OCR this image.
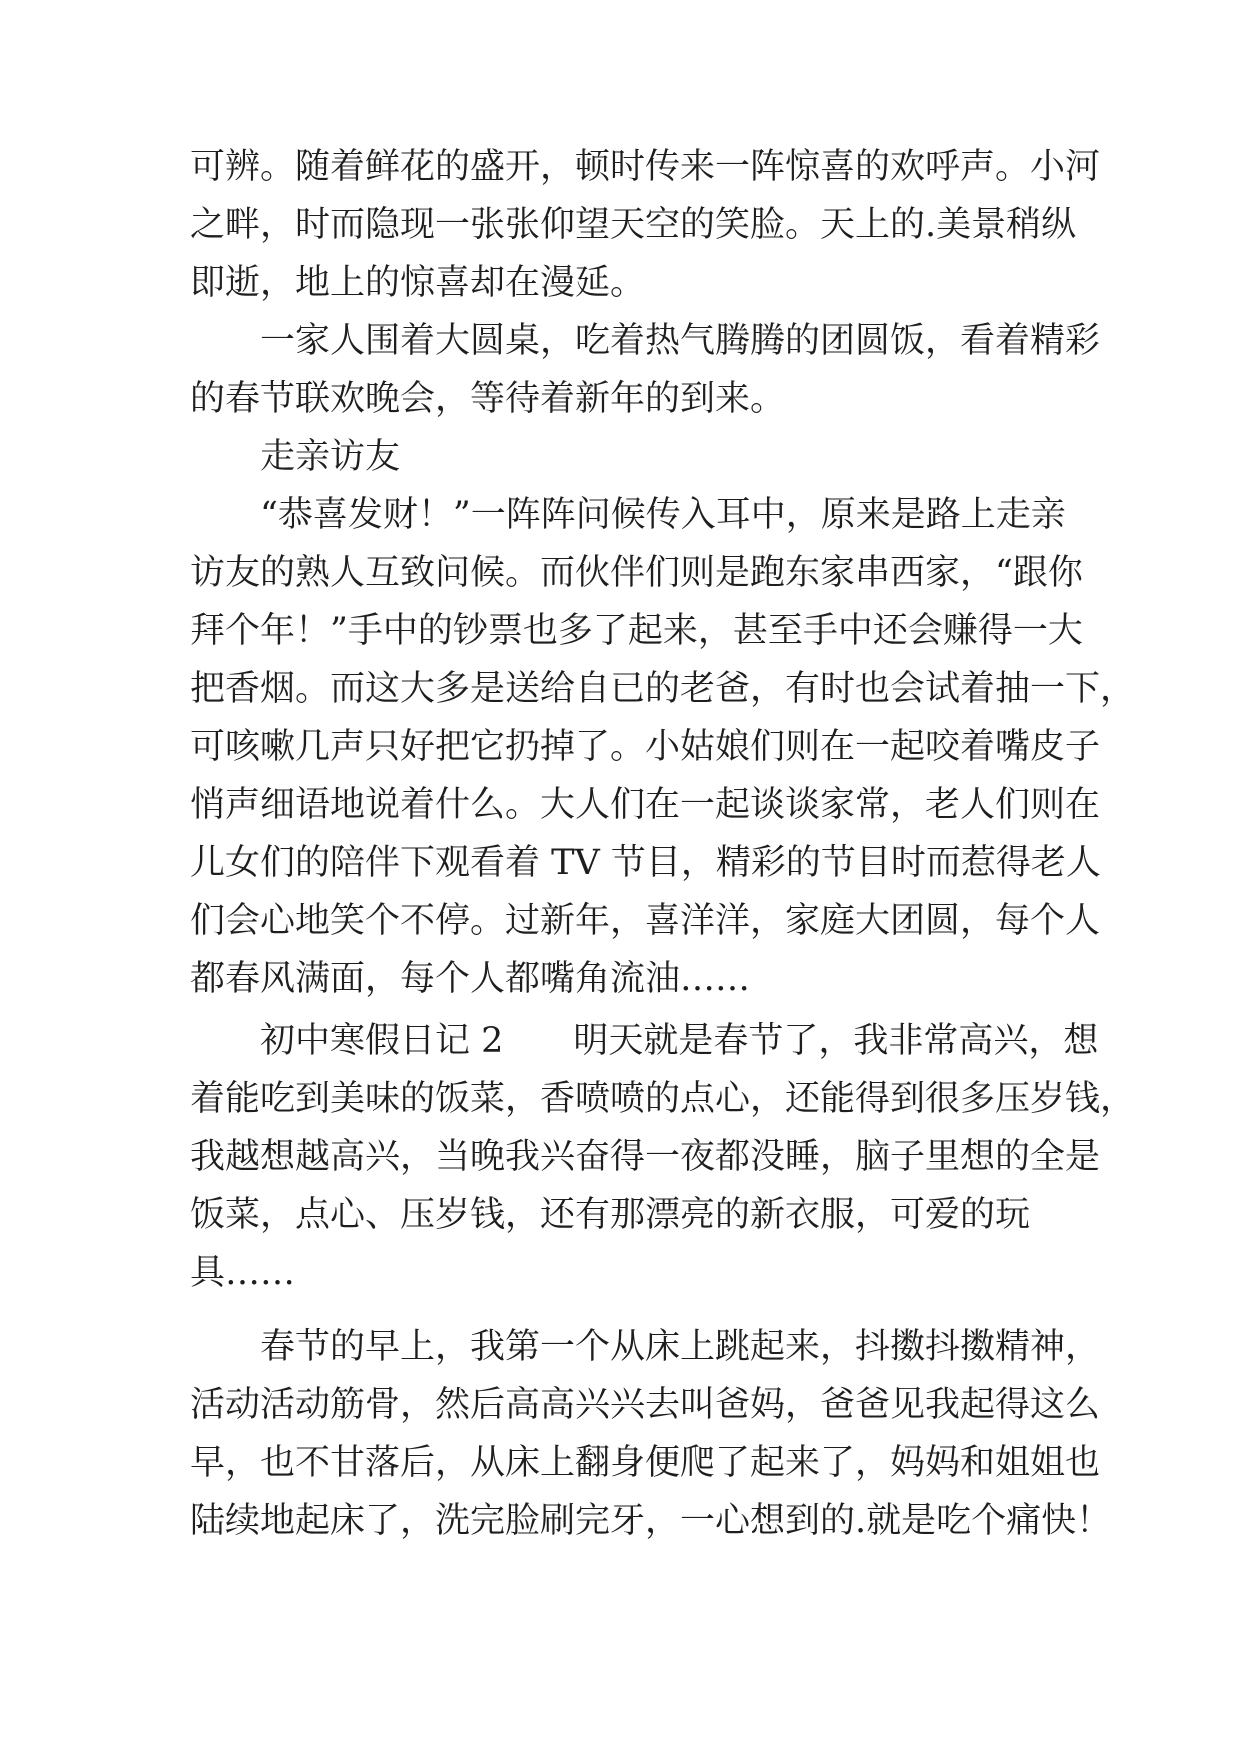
可辨。随着鲜花的盛开，顿时传来一阵惊喜的欢呼声。小河
之畔，时而隐现一张张仰望天空的笑脸。天上的.美景稍纵
即逝，地上的惊喜却在漫延。
一家人围着大圆桌，吃着热气腾腾的团圆饭，看着精彩
的春节联欢晚会，等待着新年的到来。
走亲访友
“恭喜发财！”一阵阵问候传入耳中，原来是路上走亲
访友的熟人互致问候。而伙伴们则是跑东家串西家，“跟你
拜个年！”手中的钞票也多了起来，甚至手中还会赚得一大
把香烟。而这大多是送给自已的老爸，有时也会试着抽一下，
可咳嗽几声只好把它扔掉了。小姑娘们则在一起咬着嘴皮子
悄声细语地说着什么。大人们在一起谈谈家常，老人们则在
儿女们的陪伴下观看着 TV 节目，精彩的节目时而惹得老人
们会心地笑个不停。过新年，喜洋洋，家庭大团圆，每个人
都春风满面，每个人都嘴角流油……
初中寒假日记 2　　明天就是春节了，我非常高兴，想
着能吃到美味的饭菜，香喷喷的点心，还能得到很多压岁钱，
我越想越高兴，当晚我兴奋得一夜都没睡，脑子里想的全是
饭菜，点心、压岁钱，还有那漂亮的新衣服，可爱的玩
具……
春节的早上，我第一个从床上跳起来，抖擞抖擞精神，
活动活动筋骨，然后高高兴兴去叫爸妈，爸爸见我起得这么
早，也不甘落后，从床上翻身便爬了起来了，妈妈和姐姐也
陆续地起床了，洗完脸刷完牙，一心想到的.就是吃个痛快！
